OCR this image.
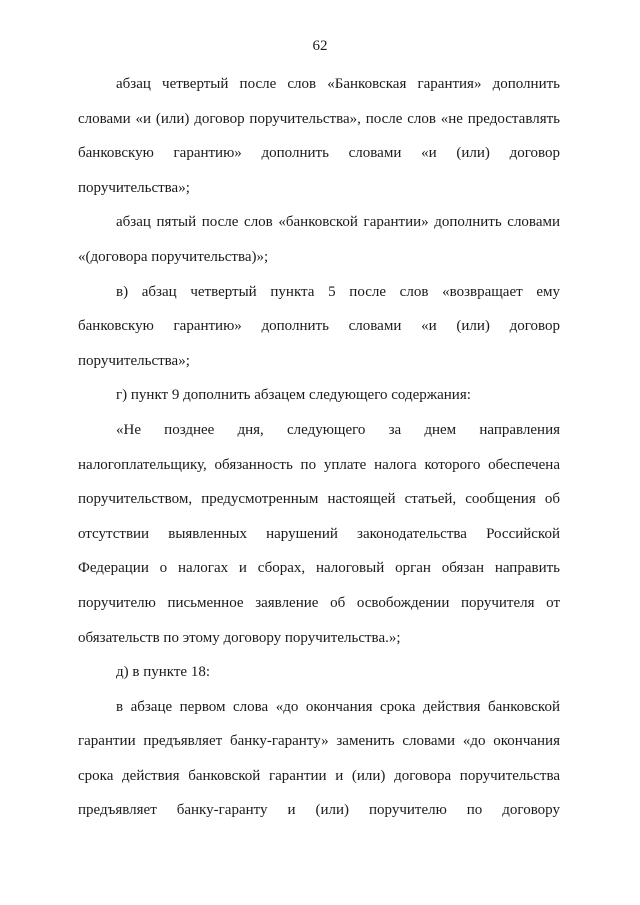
62

абзац четвертый после слов «Банковская гарантия» дополнить словами «и (или) договор поручительства», после слов «не предоставлять банковскую гарантию» дополнить словами «и (или) договор поручительства»;

абзац пятый после слов «банковской гарантии» дополнить словами «(договора поручительства)»;

в) абзац четвертый пункта 5 после слов «возвращает ему банковскую гарантию» дополнить словами «и (или) договор поручительства»;

г) пункт 9 дополнить абзацем следующего содержания:

«Не позднее дня, следующего за днем направления налогоплательщику, обязанность по уплате налога которого обеспечена поручительством, предусмотренным настоящей статьей, сообщения об отсутствии выявленных нарушений законодательства Российской Федерации о налогах и сборах, налоговый орган обязан направить поручителю письменное заявление об освобождении поручителя от обязательств по этому договору поручительства.»;

д) в пункте 18:

в абзаце первом слова «до окончания срока действия банковской гарантии предъявляет банку-гаранту» заменить словами «до окончания срока действия банковской гарантии и (или) договора поручительства предъявляет банку-гаранту и (или) поручителю по договору
